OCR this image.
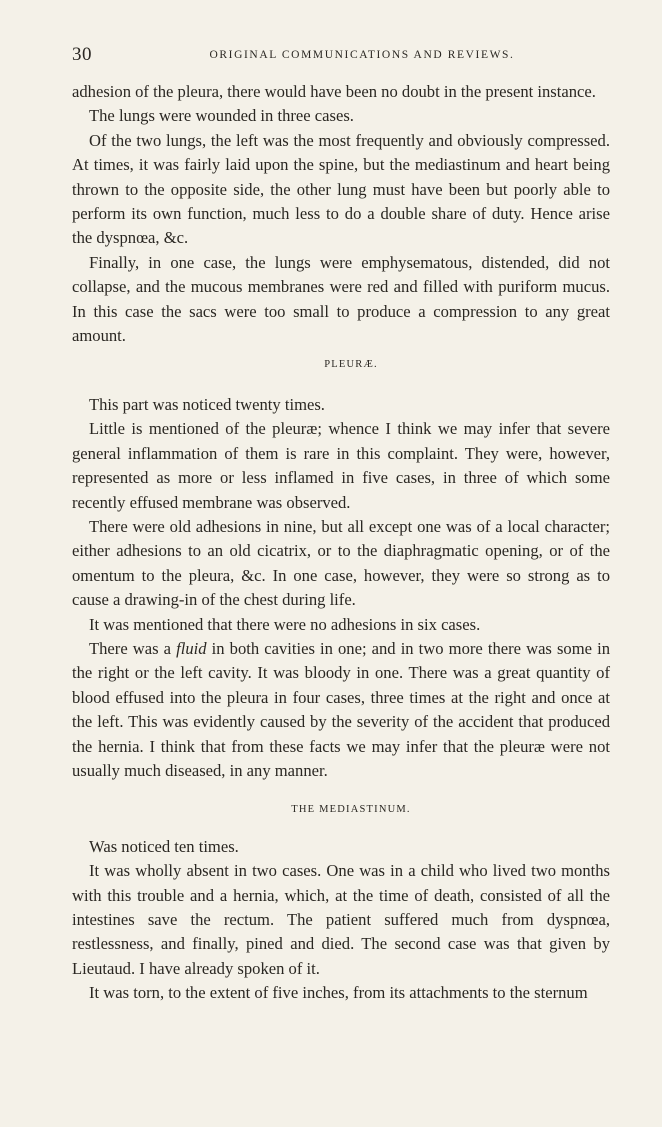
30	ORIGINAL COMMUNICATIONS AND REVIEWS.

adhesion of the pleura, there would have been no doubt in the present instance.

The lungs were wounded in three cases.

Of the two lungs, the left was the most frequently and obviously compressed. At times, it was fairly laid upon the spine, but the mediastinum and heart being thrown to the opposite side, the other lung must have been but poorly able to perform its own function, much less to do a double share of duty. Hence arise the dyspnœa, &c.

Finally, in one case, the lungs were emphysematous, distended, did not collapse, and the mucous membranes were red and filled with puriform mucus. In this case the sacs were too small to produce a compression to any great amount.

PLEURÆ.

This part was noticed twenty times.

Little is mentioned of the pleuræ; whence I think we may infer that severe general inflammation of them is rare in this complaint. They were, however, represented as more or less inflamed in five cases, in three of which some recently effused membrane was observed.

There were old adhesions in nine, but all except one was of a local character; either adhesions to an old cicatrix, or to the diaphragmatic opening, or of the omentum to the pleura, &c. In one case, however, they were so strong as to cause a drawing-in of the chest during life.

It was mentioned that there were no adhesions in six cases.

There was a fluid in both cavities in one; and in two more there was some in the right or the left cavity. It was bloody in one. There was a great quantity of blood effused into the pleura in four cases, three times at the right and once at the left. This was evidently caused by the severity of the accident that produced the hernia. I think that from these facts we may infer that the pleuræ were not usually much diseased, in any manner.

THE MEDIASTINUM.

Was noticed ten times.

It was wholly absent in two cases. One was in a child who lived two months with this trouble and a hernia, which, at the time of death, consisted of all the intestines save the rectum. The patient suffered much from dyspnœa, restlessness, and finally, pined and died. The second case was that given by Lieutaud. I have already spoken of it.

It was torn, to the extent of five inches, from its attachments to the sternum
